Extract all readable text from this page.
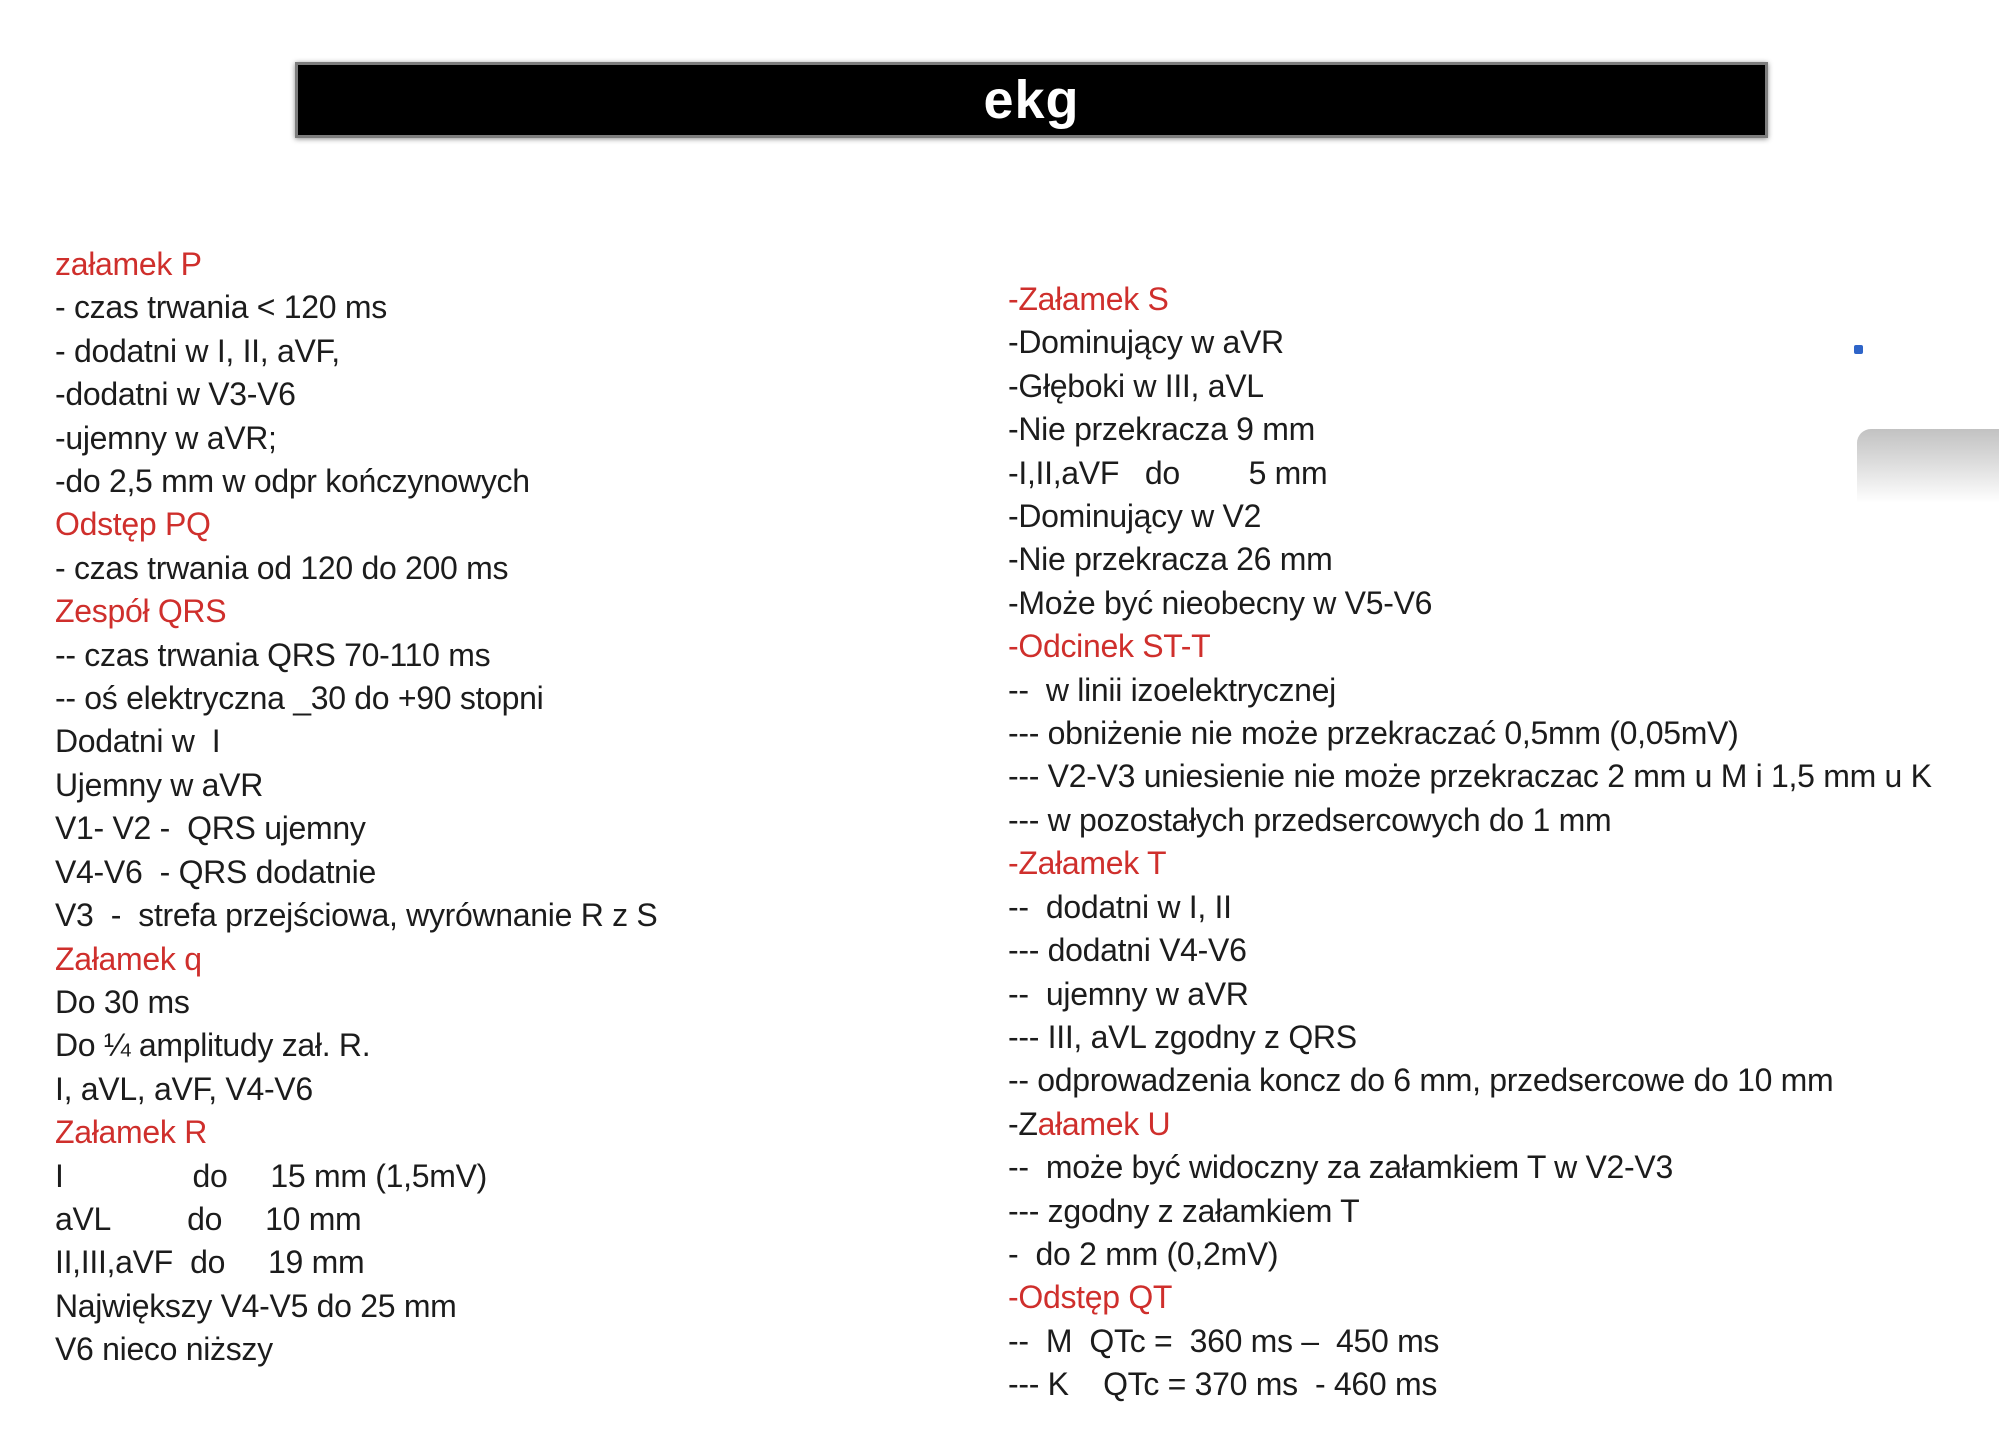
ekg
załamek P
- czas trwania < 120 ms
- dodatni w I, II, aVF,
-dodatni w V3-V6
-ujemny w aVR;
-do 2,5 mm w odpr kończynowych
Odstęp PQ
- czas trwania od 120 do 200 ms
Zespół QRS
-- czas trwania QRS 70-110 ms
-- oś elektryczna _30 do +90 stopni
Dodatni w  I
Ujemny w aVR
V1- V2 -  QRS ujemny
V4-V6  - QRS dodatnie
V3  -  strefa przejściowa, wyrównanie R z S
Załamek q
Do 30 ms
Do ¼ amplitudy zał. R.
I, aVL, aVF, V4-V6
Załamek R
I               do     15 mm (1,5mV)
aVL         do     10 mm
II,III,aVF  do     19 mm
Największy V4-V5 do 25 mm
V6 nieco niższy
-Załamek S
-Dominujący w aVR
-Głęboki w III, aVL
-Nie przekracza 9 mm
-I,II,aVF   do        5 mm
-Dominujący w V2
-Nie przekracza 26 mm
-Może być nieobecny w V5-V6
-Odcinek ST-T
--  w linii izoelektrycznej
--- obniżenie nie może przekraczać 0,5mm (0,05mV)
--- V2-V3 uniesienie nie może przekraczac 2 mm u M i 1,5 mm u K
--- w pozostałych przedsercowych do 1 mm
-Załamek T
--  dodatni w I, II
--- dodatni V4-V6
--  ujemny w aVR
--- III, aVL zgodny z QRS
-- odprowadzenia koncz do 6 mm, przedsercowe do 10 mm
-Załamek U
--  może być widoczny za załamkiem T w V2-V3
--- zgodny z załamkiem T
-  do 2 mm (0,2mV)
-Odstęp QT
--  M  QTc =  360 ms –  450 ms
--- K    QTc = 370 ms  - 460 ms
